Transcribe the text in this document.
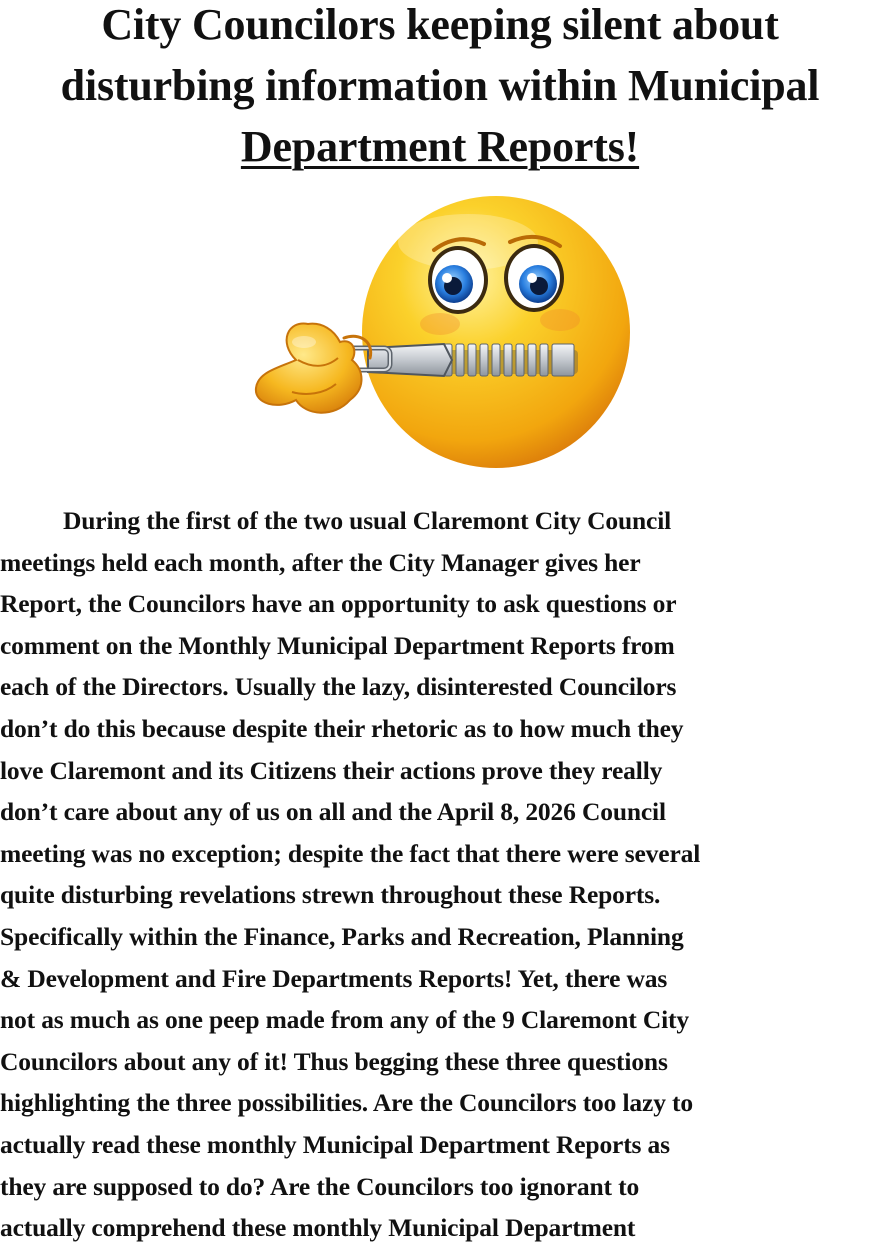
City Councilors keeping silent about
disturbing information within Municipal
Department Reports!
During the first of the two usual Claremont City Council
meetings held each month, after the City Manager gives her
Report, the Councilors have an opportunity to ask questions or
comment on the Monthly Municipal Department Reports from
each of the Directors. Usually the lazy, disinterested Councilors
don’t do this because despite their rhetoric as to how much they
love Claremont and its Citizens their actions prove they really
don’t care about any of us on all and the April 8, 2026 Council
meeting was no exception; despite the fact that there were several
quite disturbing revelations strewn throughout these Reports.
Specifically within the Finance, Parks and Recreation, Planning
& Development and Fire Departments Reports! Yet, there was
not as much as one peep made from any of the 9 Claremont City
Councilors about any of it! Thus begging these three questions
highlighting the three possibilities. Are the Councilors too lazy to
actually read these monthly Municipal Department Reports as
they are supposed to do? Are the Councilors too ignorant to
actually comprehend these monthly Municipal Department
